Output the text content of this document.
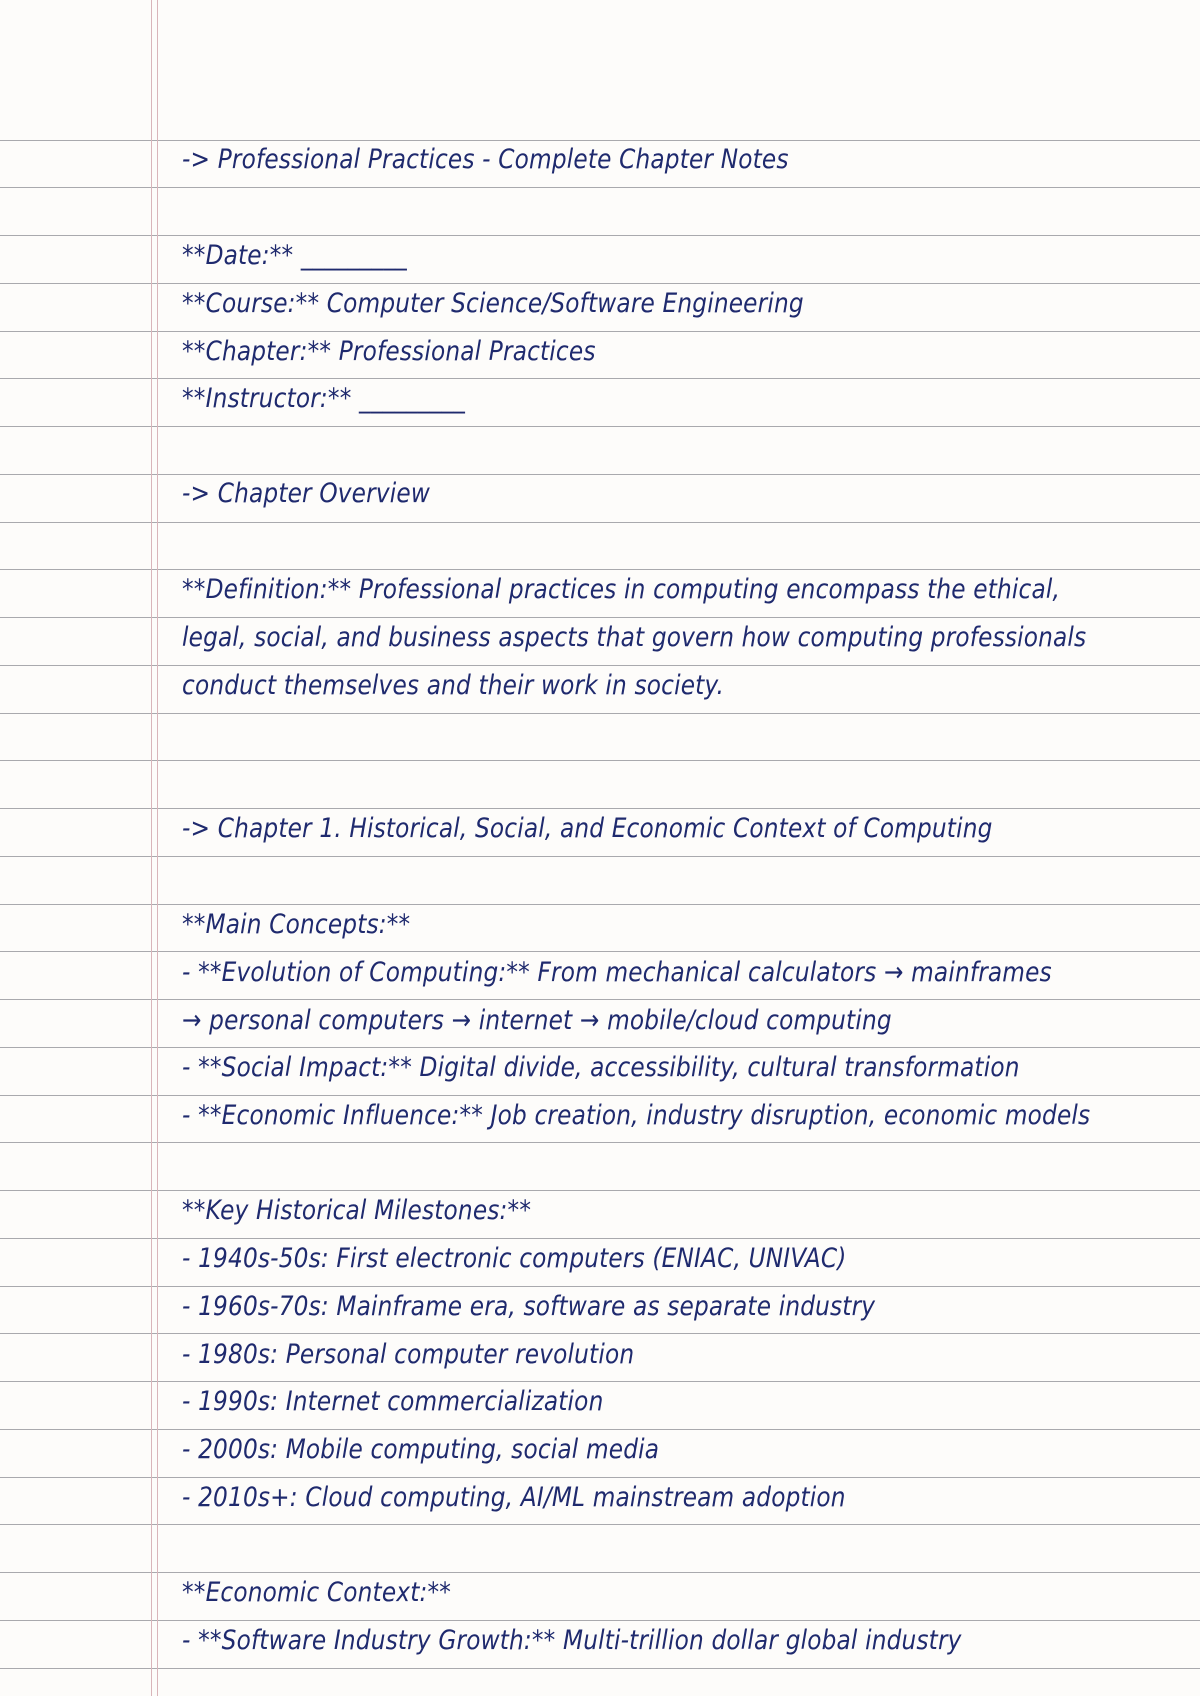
-> Professional Practices - Complete Chapter Notes
**Date:** _________
**Course:** Computer Science/Software Engineering
**Chapter:** Professional Practices
**Instructor:** _________
-> Chapter Overview
**Definition:** Professional practices in computing encompass the ethical,
legal, social, and business aspects that govern how computing professionals
conduct themselves and their work in society.
-> Chapter 1. Historical, Social, and Economic Context of Computing
**Main Concepts:**
- **Evolution of Computing:** From mechanical calculators → mainframes
→ personal computers → internet → mobile/cloud computing
- **Social Impact:** Digital divide, accessibility, cultural transformation
- **Economic Influence:** Job creation, industry disruption, economic models
**Key Historical Milestones:**
- 1940s-50s: First electronic computers (ENIAC, UNIVAC)
- 1960s-70s: Mainframe era, software as separate industry
- 1980s: Personal computer revolution
- 1990s: Internet commercialization
- 2000s: Mobile computing, social media
- 2010s+: Cloud computing, AI/ML mainstream adoption
**Economic Context:**
- **Software Industry Growth:** Multi-trillion dollar global industry
